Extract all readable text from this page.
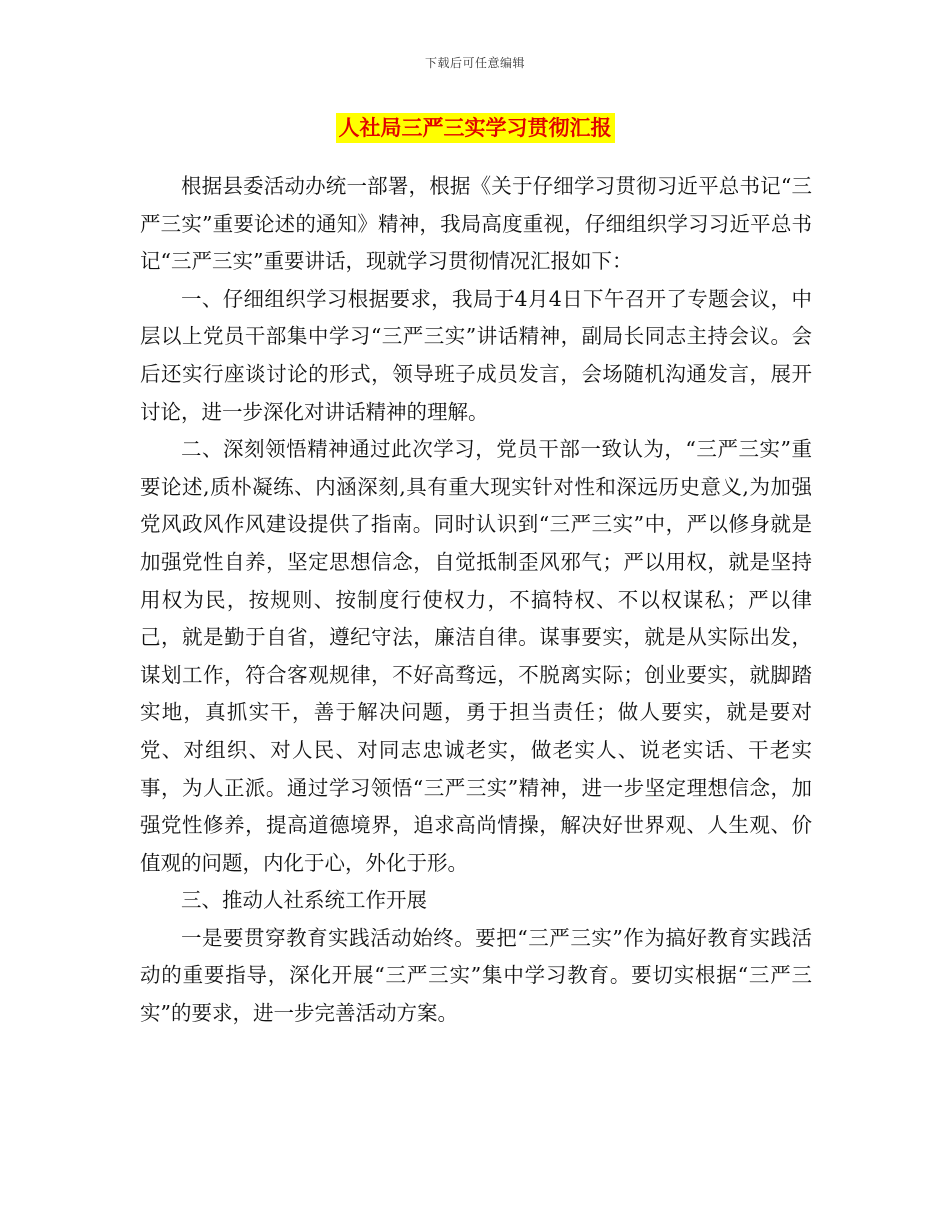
下载后可任意编辑
人社局三严三实学习贯彻汇报

根据县委活动办统一部署，根据《关于仔细学习贯彻习近平总书记“三严三实”重要论述的通知》精神，我局高度重视，仔细组织学习习近平总书记“三严三实”重要讲话，现就学习贯彻情况汇报如下：

一、仔细组织学习根据要求，我局于4月4日下午召开了专题会议，中层以上党员干部集中学习“三严三实”讲话精神，副局长同志主持会议。会后还实行座谈讨论的形式，领导班子成员发言，会场随机沟通发言，展开讨论，进一步深化对讲话精神的理解。

二、深刻领悟精神通过此次学习，党员干部一致认为，“三严三实”重要论述,质朴凝练、内涵深刻,具有重大现实针对性和深远历史意义,为加强党风政风作风建设提供了指南。同时认识到“三严三实”中，严以修身就是加强党性自养，坚定思想信念，自觉抵制歪风邪气；严以用权，就是坚持用权为民，按规则、按制度行使权力，不搞特权、不以权谋私；严以律己，就是勤于自省，遵纪守法，廉洁自律。谋事要实，就是从实际出发，谋划工作，符合客观规律，不好高骛远，不脱离实际；创业要实，就脚踏实地，真抓实干，善于解决问题，勇于担当责任；做人要实，就是要对党、对组织、对人民、对同志忠诚老实，做老实人、说老实话、干老实事，为人正派。通过学习领悟“三严三实”精神，进一步坚定理想信念，加强党性修养，提高道德境界，追求高尚情操，解决好世界观、人生观、价值观的问题，内化于心，外化于形。

三、推动人社系统工作开展

一是要贯穿教育实践活动始终。要把“三严三实”作为搞好教育实践活动的重要指导，深化开展“三严三实”集中学习教育。要切实根据“三严三实”的要求，进一步完善活动方案。
